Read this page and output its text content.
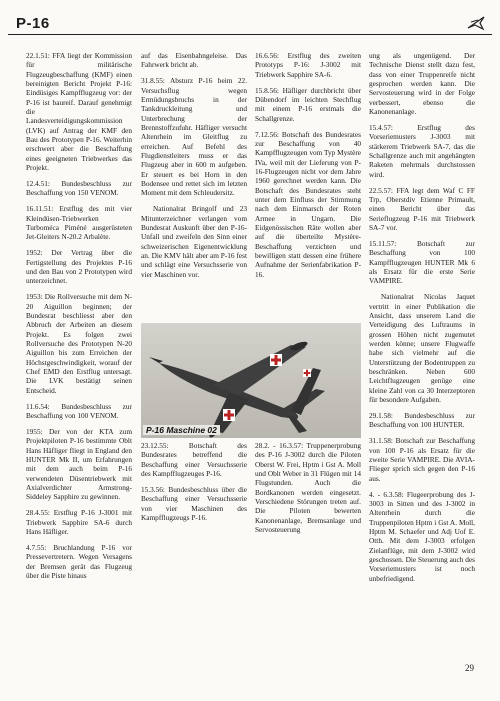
P-16

22.1.51: FFA liegt der Kommission für militärische Flugzeugbeschaffung (KMF) einen bereinigten Bericht Projekt P-16: Eindüsiges Kampfflugzeug vor: der P-16 ist baureif. Darauf genehmigt die Landesverteidigungskommission (LVK) auf Antrag der KMF den Bau des Prototypen P-16. Weiterhin erschwert aber die Beschaffung eines geeigneten Triebwerkes das Projekt.

12.4.51: Bundesbeschluss zur Beschaffung von 150 VENOM.

16.11.51: Erstflug des mit vier Kleindüsen-Triebwerken Turboméca Piméné ausgerüsteten Jet-Gleiters N-20.2 Arbalète.

1952: Der Vertrag über die Fertigstellung des Projektes P-16 und den Bau von 2 Prototypen wird unterzeichnet.

1953: Die Rollversuche mit dem N-20 Aiguillon beginnen; der Bundesrat beschliesst aber den Abbruch der Arbeiten an diesem Projekt. Es folgen zwei Rollversuche des Prototypen N-20 Aiguillon bis zum Erreichen der Höchstgeschwindigkeit, worauf der Chef EMD den Erstflug untersagt. Die LVK bestätigt seinen Entscheid.

11.6.54: Bundesbeschluss zur Beschaffung von 100 VENOM.

1955: Der von der KTA zum Projektpiloten P-16 bestimmte Oblt Hans Häfliger fliegt in England den HUNTER Mk II, um Erfahrungen mit dem auch beim P-16 verwendeten Düsentriebwerk mit Axialverdichter Armstrong-Siddeley Sapphire zu gewinnen.

28.4.55: Erstflug P-16 J-3001 mit Triebwerk Sapphire SA-6 durch Hans Häfliger.

4.7.55: Bruchlandung P-16 vor Pressevertretern. Wegen Versagens der Bremsen gerät das Flugzeug über die Piste hinaus

auf das Eisenbahngeleise. Das Fahrwerk bricht ab.

31.8.55: Absturz P-16 beim 22. Versuchsflug wegen Ermüdungsbruchs in der Tankdruckleitung und Unterbrechung der Brennstoffzufuhr. Häfliger versucht Altenrhein im Gleitflug zu erreichen. Auf Befehl des Flugdienstleiters muss er das Flugzeug aber in 600 m aufgeben. Er steuert es bei Horn in den Bodensee und rettet sich im letzten Moment mit dem Schleudersitz.

Nationalrat Bringolf und 23 Mitunterzeichner verlangen vom Bundesrat Auskunft über den P-16-Unfall und zweifeln den Sinn einer schweizerischen Eigenentwicklung an. Die KMV hält aber am P-16 fest und schlägt eine Versuchsserie von vier Maschinen vor.

P-16 Maschine 02

23.12.55: Botschaft des Bundesrates betreffend die Beschaffung einer Versuchsserie des Kampfflugzeuges P-16.

15.3.56: Bundesbeschluss über die Beschaffung einer Versuchsserie von vier Maschinen des Kampfflugzeugs P-16.

16.6.56: Erstflug des zweiten Prototyps P-16: J-3002 mit Triebwerk Sapphire SA-6.

15.8.56: Häfliger durchbricht über Dübendorf im leichten Stechflug mit einem P-16 erstmals die Schallgrenze.

7.12.56: Botschaft des Bundesrates zur Beschaffung von 40 Kampfflugzeugen vom Typ Mystère IVa, weil mit der Lieferung von P-16-Flugzeugen nicht vor dem Jahre 1960 gerechnet werden kann. Die Botschaft des Bundesrates steht unter dem Einfluss der Stimmung nach dem Einmarsch der Roten Armee in Ungarn. Die Eidgenössischen Räte wollen aber auf die überteilte Mystère-Beschaffung verzichten und bewilligen statt dessen eine frühere Aufnahme der Serienfabrikation P-16.

28.2. - 16.3.57: Truppenerprobung des P-16 J-3002 durch die Piloten Oberst W. Frei, Hptm i Gst A. Moll und Oblt Weber in 31 Flügen mit 14 Flugstunden. Auch die Bordkanonen werden eingesetzt. Verschiedene Störungen treten auf. Die Piloten bewerten Kanonenanlage, Bremsanlage und Servosteuerung

ung als ungenügend. Der Technische Dienst stellt dazu fest, dass von einer Truppenreife nicht gesprochen werden kann. Die Servosteuerung wird in der Folge verbessert, ebenso die Kanonenanlage.

15.4.57: Erstflug des Vorseriemusters J-3003 mit stärkerem Triebwerk SA-7, das die Schallgrenze auch mit angehängten Raketen mehrmals durchstossen wird.

22.5.57: FFA legt dem Waf C FF Trp, Oberstdiv Etienne Primault, einen Bericht über das Serieflugzeug P-16 mit Triebwerk SA-7 vor.

15.11.57: Botschaft zur Beschaffung von 100 Kampfflugzeugen HUNTER Mk 6 als Ersatz für die erste Serie VAMPIRE.

Nationalrat Nicolas Jaquet vertritt in einer Publikation die Ansicht, dass unserem Land die Verteidigung des Luftraums in grossen Höhen nicht zugemutet werden könne; unsere Flugwaffe habe sich vielmehr auf die Unterstützung der Bodentruppen zu beschränken. Neben 600 Leichtflugzeugen genüge eine kleine Zahl von ca 30 Interzeptoren für besondere Aufgaben.

29.1.58: Bundesbeschluss zur Beschaffung von 100 HUNTER.

31.1.58: Botschaft zur Beschaffung von 100 P-16 als Ersatz für die zweite Serie VAMPIRE. Die AVIA-Flieger sprich sich gegen den P-16 aus.

4. - 6.3.58: Flugeerprobung des J-3003 in Sitten und des J-3002 in Altenrhein durch die Truppenpiloten Hptm i Gst A. Moll, Hptm M. Schaefer und Adj Uof E. Otth. Mit dem J-3003 erfolgen Zielanflüge, mit dem J-3002 wird geschossen. Die Steuerung auch des Vorseriemusters ist noch unbefriedigend.

29
